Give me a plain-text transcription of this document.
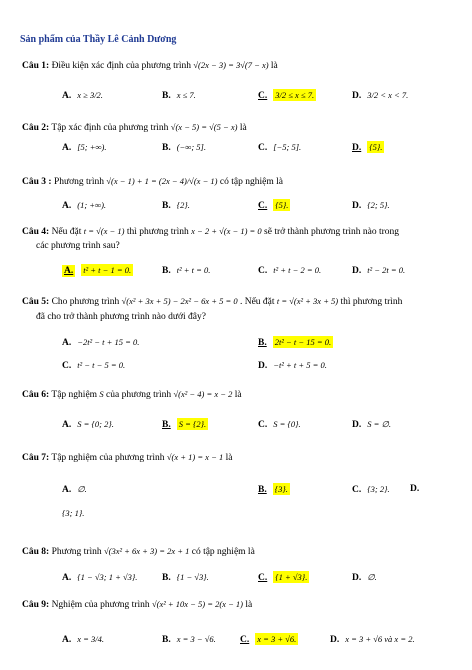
Sản phẩm của Thầy Lê Cảnh Dương
Câu 1: Điều kiện xác định của phương trình √(2x − 3) = 3√(7 − x) là
A. x ≥ 3/2.	B. x ≤ 7.	C. 3/2 ≤ x ≤ 7.	D. 3/2 < x < 7.
Câu 2: Tập xác định của phương trình √(x − 5) = √(5 − x) là
A. [5; +∞).	B. (−∞; 5].	C. [−5; 5].	D. {5}.
Câu 3 : Phương trình √(x − 1) + 1 = (2x − 4)/√(x − 1) có tập nghiệm là
A. (1; +∞).	B. {2}.	C. {5}.	D. {2; 5}.
Câu 4: Nếu đặt t = √(x − 1) thì phương trình x − 2 + √(x − 1) = 0 sẽ trở thành phương trình nào trong
các phương trình sau?
A. t² + t − 1 = 0.	B. t² + t = 0.	C. t² + t − 2 = 0.	D. t² − 2t = 0.
Câu 5: Cho phương trình √(x² + 3x + 5) − 2x² − 6x + 5 = 0 . Nếu đặt t = √(x² + 3x + 5) thì phương trình
đã cho trở thành phương trình nào dưới đây?
A. −2t² − t + 15 = 0.	B. 2t² − t − 15 = 0.
C. t² − t − 5 = 0.	D. −t² + t + 5 = 0.
Câu 6: Tập nghiệm S của phương trình √(x² − 4) = x − 2 là
A. S = {0; 2}.	B. S = {2}.	C. S = {0}.	D. S = ∅.
Câu 7: Tập nghiệm của phương trình √(x + 1) = x − 1 là
A. ∅.	B. {3}.	C. {3; 2}. D.
{3; 1}.
Câu 8: Phương trình √(3x² + 6x + 3) = 2x + 1 có tập nghiệm là
A. {1 − √3; 1 + √3}.	B. {1 − √3}.	C. {1 + √3}.	D. ∅.
Câu 9: Nghiệm của phương trình √(x² + 10x − 5) = 2(x − 1) là
A. x = 3/4.	B. x = 3 − √6.	C. x = 3 + √6.	D. x = 3 + √6 và x = 2.
